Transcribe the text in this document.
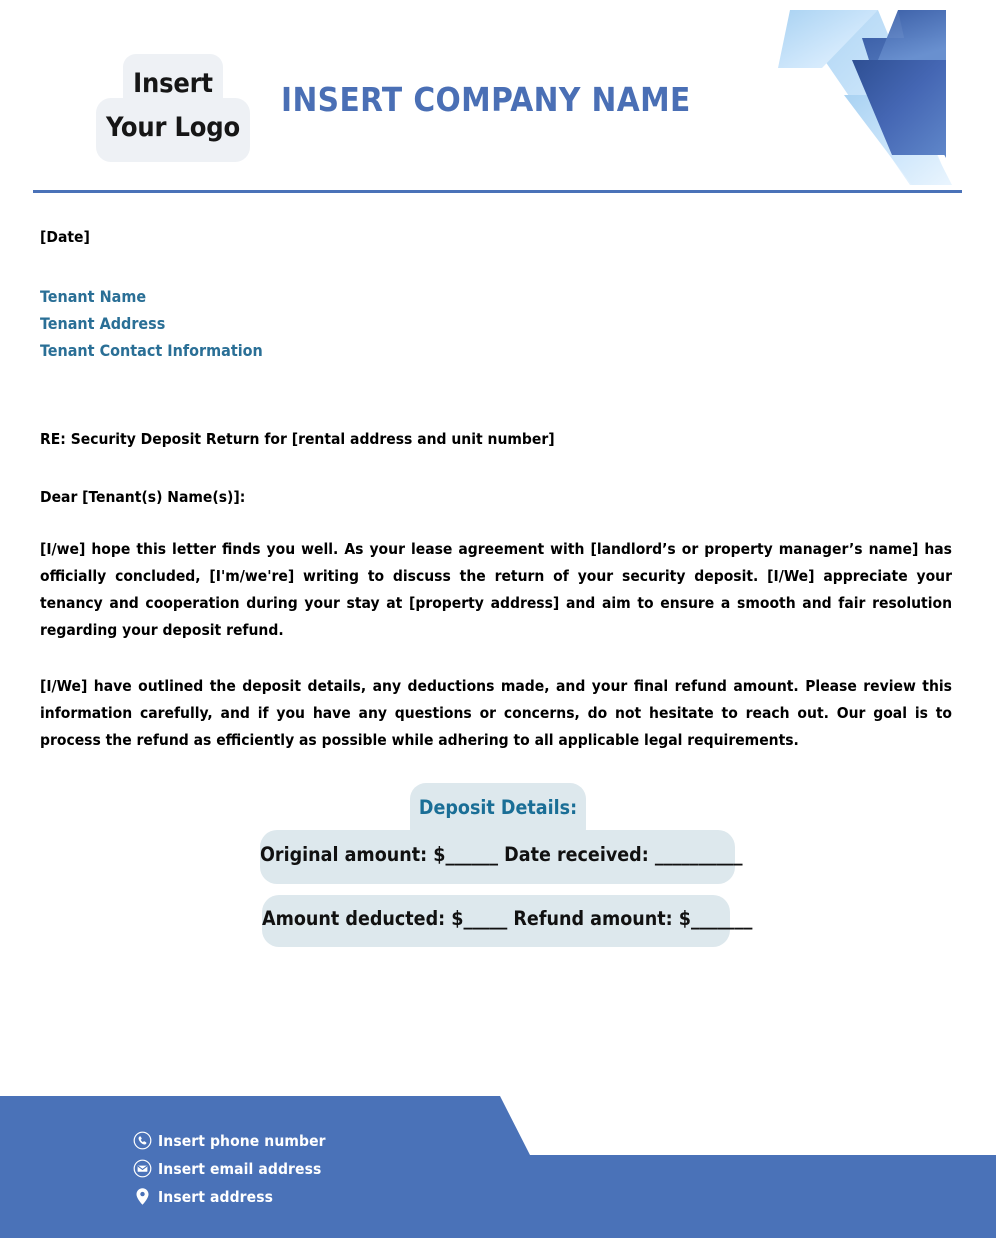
Insert
Your Logo
INSERT COMPANY NAME

[Date]

Tenant Name

Tenant Address

Tenant Contact Information

RE: Security Deposit Return for [rental address and unit number]

Dear [Tenant(s) Name(s)]:

[I/we] hope this letter finds you well. As your lease agreement with [landlord’s or property manager’s name] has officially concluded, [I'm/we're] writing to discuss the return of your security deposit. [I/We] appreciate your tenancy and cooperation during your stay at [property address] and aim to ensure a smooth and fair resolution regarding your deposit refund.

[I/We] have outlined the deposit details, any deductions made, and your final refund amount. Please review this information carefully, and if you have any questions or concerns, do not hesitate to reach out. Our goal is to process the refund as efficiently as possible while adhering to all applicable legal requirements.

Deposit Details:
Original amount: $______ Date received: __________
Amount deducted: $_____ Refund amount: $_______
Insert phone number
Insert email address
Insert address
